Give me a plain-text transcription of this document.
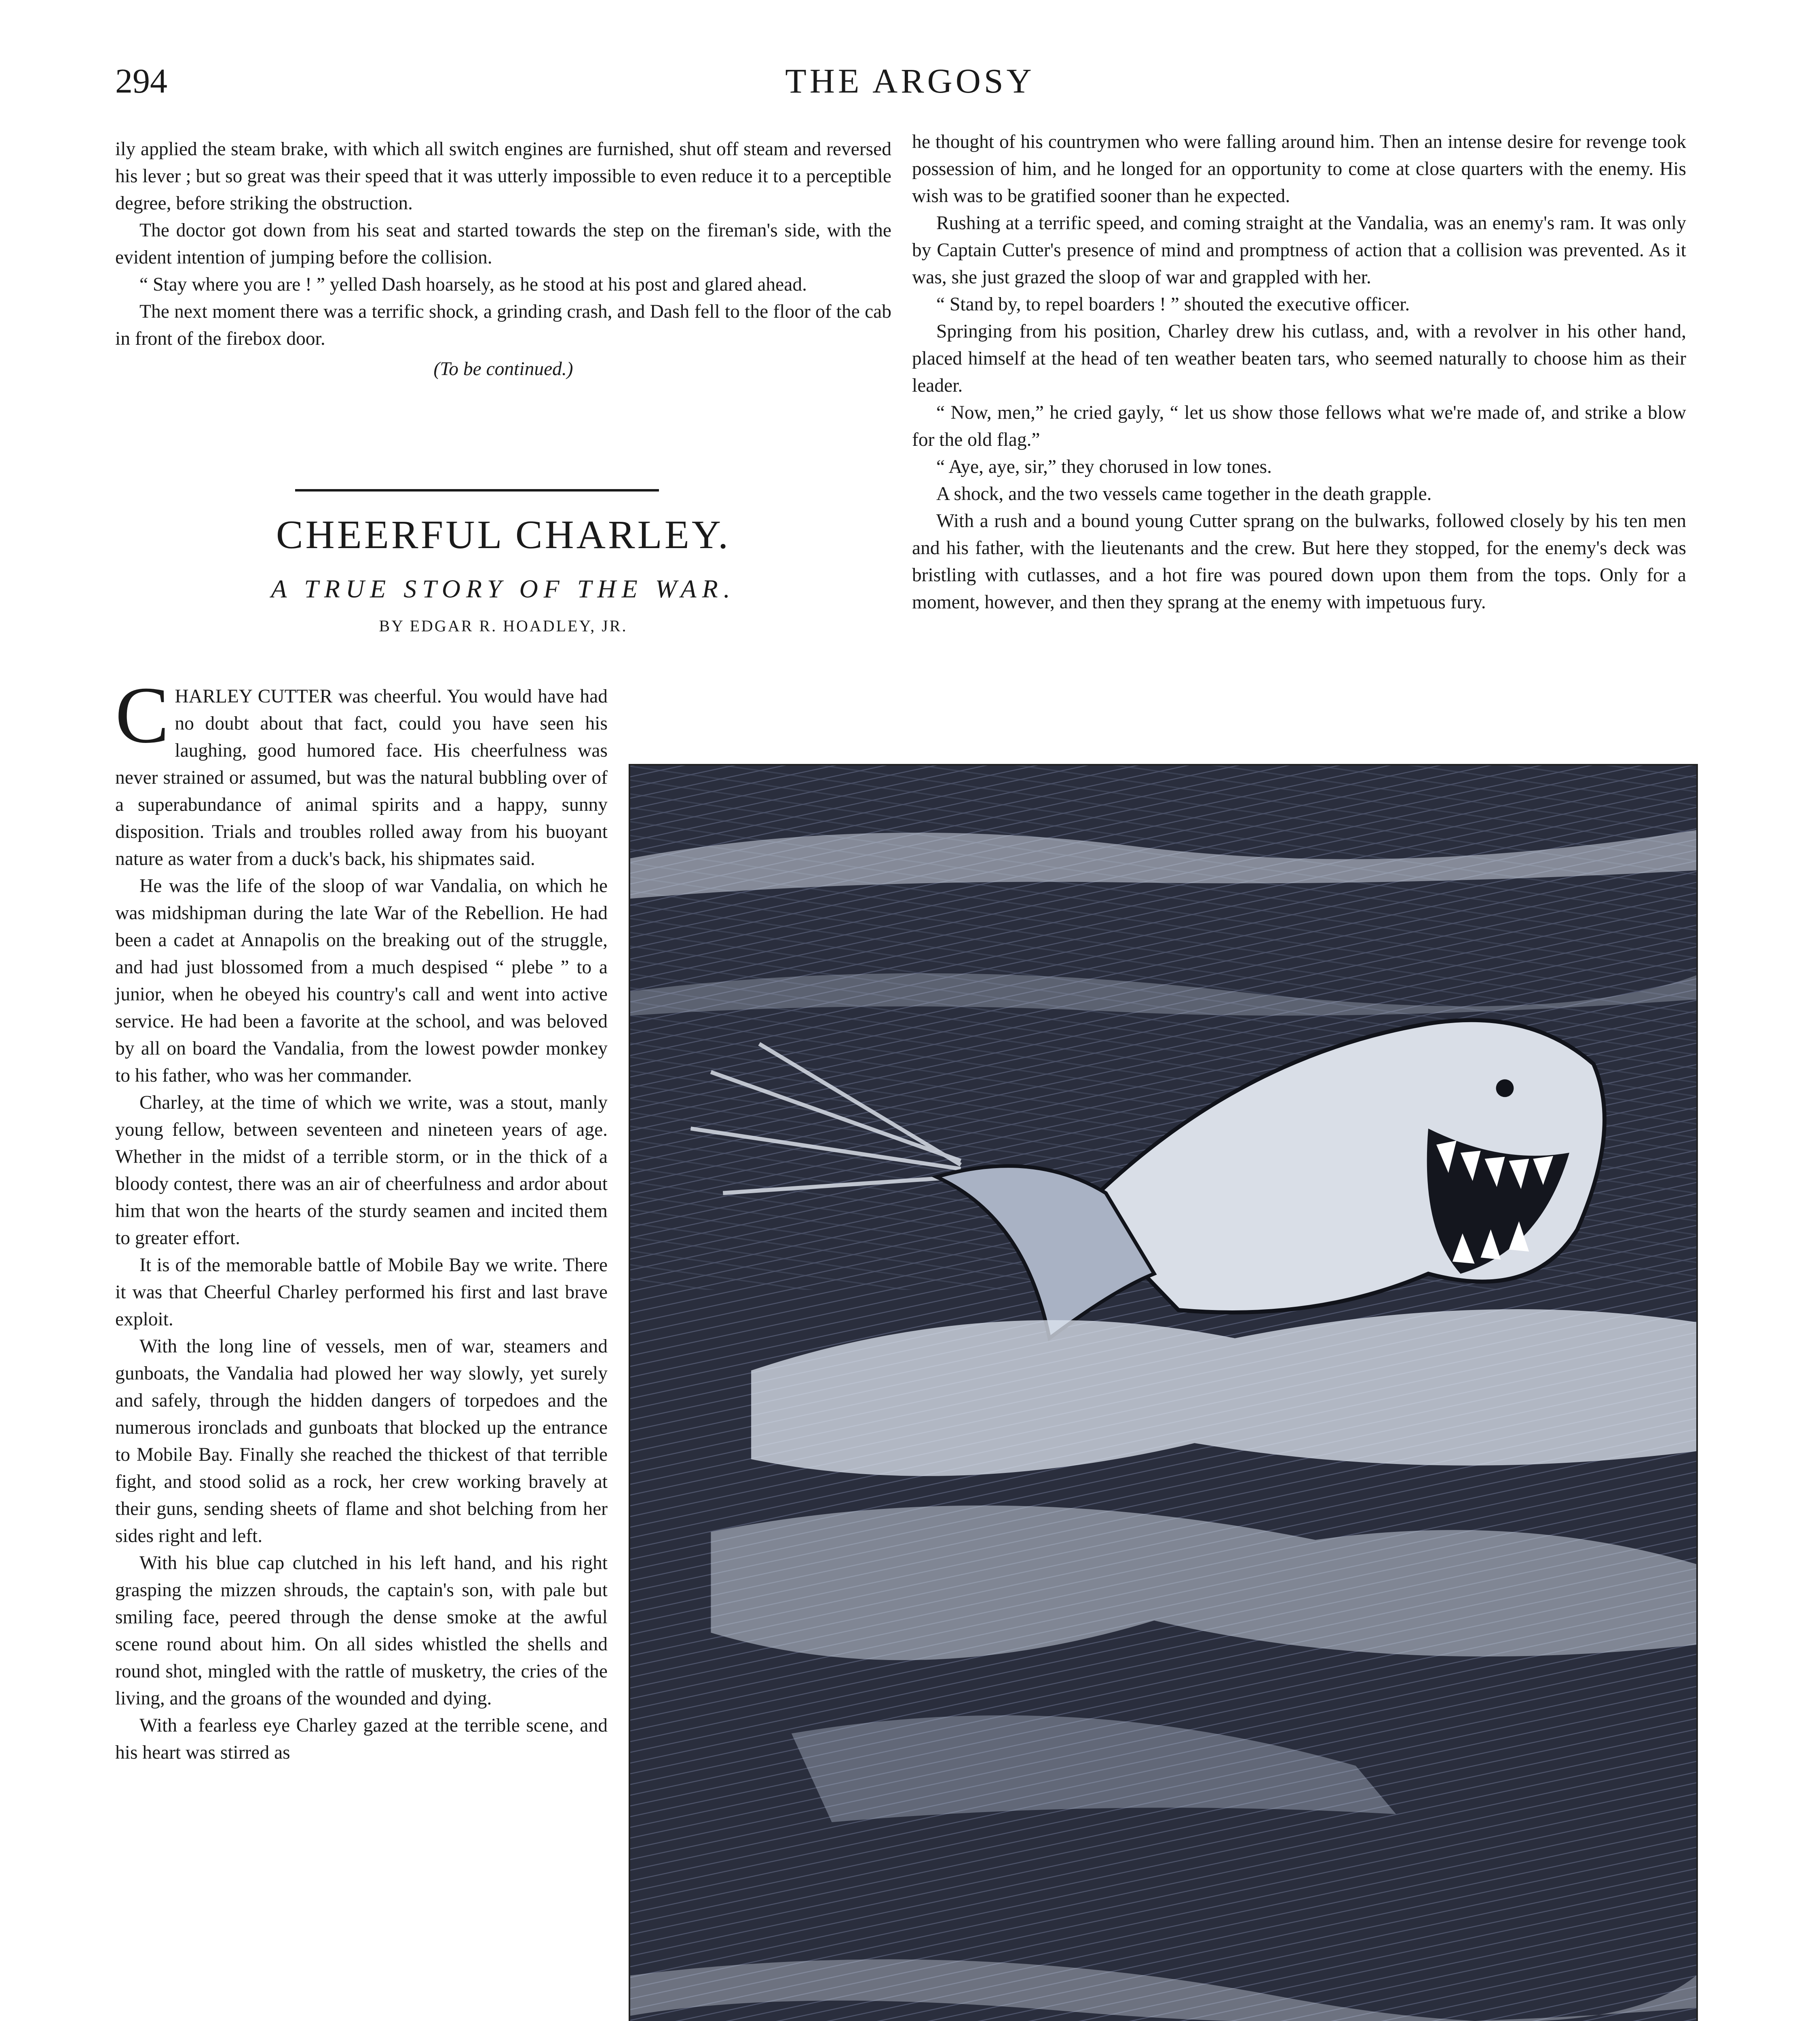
294	THE ARGOSY

ily applied the steam brake, with which all switch engines are furnished, shut off steam and reversed his lever ; but so great was their speed that it was utterly impossible to even reduce it to a perceptible degree, before striking the obstruction.

The doctor got down from his seat and started towards the step on the fireman's side, with the evident intention of jumping before the collision.

“ Stay where you are ! ” yelled Dash hoarsely, as he stood at his post and glared ahead.

The next moment there was a terrific shock, a grinding crash, and Dash fell to the floor of the cab in front of the firebox door.

(To be continued.)

CHEERFUL CHARLEY.
A TRUE STORY OF THE WAR.
BY EDGAR R. HOADLEY, JR.

he thought of his countrymen who were falling around him. Then an intense desire for revenge took possession of him, and he longed for an opportunity to come at close quarters with the enemy. His wish was to be gratified sooner than he expected.

Rushing at a terrific speed, and coming straight at the Vandalia, was an enemy's ram. It was only by Captain Cutter's presence of mind and promptness of action that a collision was prevented. As it was, she just grazed the sloop of war and grappled with her.

“ Stand by, to repel boarders ! ” shouted the executive officer.

Springing from his position, Charley drew his cutlass, and, with a revolver in his other hand, placed himself at the head of ten weather beaten tars, who seemed naturally to choose him as their leader.

“ Now, men,” he cried gayly, “ let us show those fellows what we're made of, and strike a blow for the old flag.”

“ Aye, aye, sir,” they chorused in low tones.

A shock, and the two vessels came together in the death grapple.

With a rush and a bound young Cutter sprang on the bulwarks, followed closely by his ten men and his father, with the lieutenants and the crew. But here they stopped, for the enemy's deck was bristling with cutlasses, and a hot fire was poured down upon them from the tops. Only for a moment, however, and then they sprang at the enemy with impetuous fury.

CHARLEY CUTTER was cheerful. You would have had no doubt about that fact, could you have seen his laughing, good humored face. His cheerfulness was never strained or assumed, but was the natural bubbling over of a superabundance of animal spirits and a happy, sunny disposition. Trials and troubles rolled away from his buoyant nature as water from a duck's back, his shipmates said.

He was the life of the sloop of war Vandalia, on which he was midshipman during the late War of the Rebellion. He had been a cadet at Annapolis on the breaking out of the struggle, and had just blossomed from a much despised “ plebe ” to a junior, when he obeyed his country's call and went into active service. He had been a favorite at the school, and was beloved by all on board the Vandalia, from the lowest powder monkey to his father, who was her commander.

Charley, at the time of which we write, was a stout, manly young fellow, between seventeen and nineteen years of age. Whether in the midst of a terrible storm, or in the thick of a bloody contest, there was an air of cheerfulness and ardor about him that won the hearts of the sturdy seamen and incited them to greater effort.

It is of the memorable battle of Mobile Bay we write. There it was that Cheerful Charley performed his first and last brave exploit.

With the long line of vessels, men of war, steamers and gunboats, the Vandalia had plowed her way slowly, yet surely and safely, through the hidden dangers of torpedoes and the numerous ironclads and gunboats that blocked up the entrance to Mobile Bay. Finally she reached the thickest of that terrible fight, and stood solid as a rock, her crew working bravely at their guns, sending sheets of flame and shot belching from her sides right and left.

With his blue cap clutched in his left hand, and his right grasping the mizzen shrouds, the captain's son, with pale but smiling face, peered through the dense smoke at the awful scene round about him. On all sides whistled the shells and round shot, mingled with the rattle of musketry, the cries of the living, and the groans of the wounded and dying.

With a fearless eye Charley gazed at the terrible scene, and his heart was stirred as
